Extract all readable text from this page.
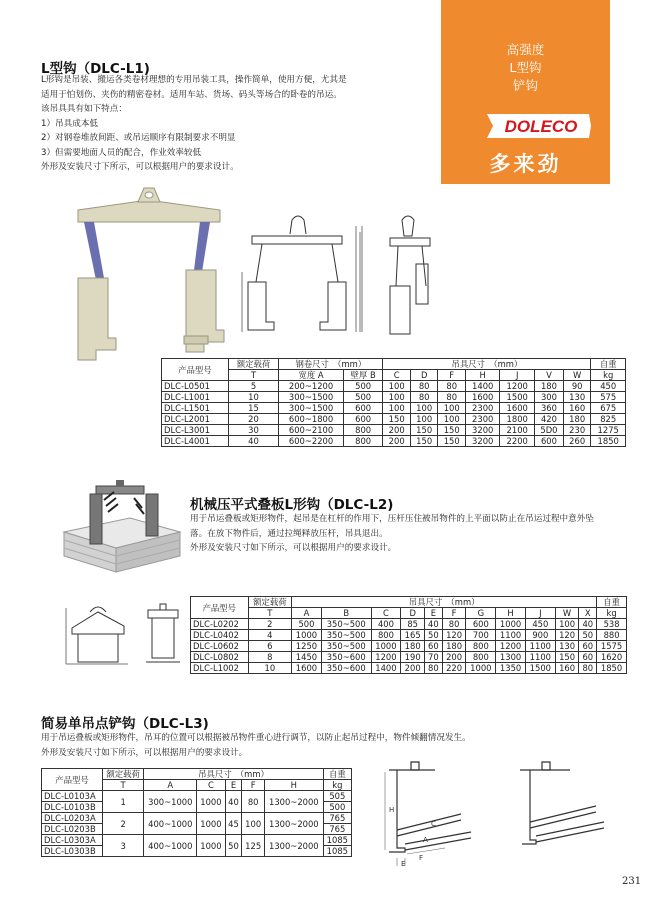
高强度
L型钩
铲钩
DOLECO
多来劲
L型钩（DLC-L1)
L形钩是吊装、搬运各类卷材理想的专用吊装工具，操作简单，使用方便，尤其是
适用于怕划伤、夹伤的精密卷材。适用车站、货场、码头等场合的卧卷的吊运。
该吊具具有如下特点：
1）吊具成本低
2）对钢卷堆放间距、或吊运顺序有限制要求不明显
3）但需要地面人员的配合，作业效率较低
外形及安装尺寸下所示，可以根据用户的要求设计。
产品型号	额定载荷	钢卷尺寸　（mm）		吊具尺寸　（mm）							自重
	T	宽度 A	壁厚 B	C	D	F	H	J	V	W	kg
DLC-L0501	5	200~1200	500	100	80	80	1400	1200	180	90	450
DLC-L1001	10	300~1500	500	100	80	80	1600	1500	300	130	575
DLC-L1501	15	300~1500	600	100	100	100	2300	1600	360	160	675
DLC-L2001	20	600~1800	600	150	100	100	2300	1800	420	180	825
DLC-L3001	30	600~2100	800	200	150	150	3200	2100	5D0	230	1275
DLC-L4001	40	600~2200	800	200	150	150	3200	2200	600	260	1850
机械压平式叠板L形钩（DLC-L2)
用于吊运叠板或矩形物件，起吊是在杠杆的作用下，压杆压住被吊物件的上平面以防止在吊运过程中意外坠
落。在放下物件后，通过拉绳释放压杆，吊具退出。
外形及安装尺寸如下所示，可以根据用户的要求设计。
产品型号	额定载荷	吊具尺寸　（mm）											自重
	T	A	B	C	D	E	F	G	H	J	W	X	kg
DLC-L0202	2	500	350~500	400	85	40	80	600	1000	450	100	40	538
DLC-L0402	4	1000	350~500	800	165	50	120	700	1100	900	120	50	880
DLC-L0602	6	1250	350~500	1000	180	60	180	800	1200	1100	130	60	1575
DLC-L0802	8	1450	350~600	1200	190	70	200	800	1300	1100	150	60	1620
DLC-L1002	10	1600	350~600	1400	200	80	220	1000	1350	1500	160	80	1850
简易单吊点铲钩（DLC-L3)
用于吊运叠板或矩形物件，吊耳的位置可以根据被吊物件重心进行调节，以防止起吊过程中，物件倾翻情况发生。
外形及安装尺寸如下所示，可以根据用户的要求设计。
产品型号	额定载荷	吊具尺寸　（mm）					自重
	T	A	C	E	F	H	kg
DLC-L0103A	1	300~1000	1000	40	80	1300~2000	505
DLC-L0103B							500
DLC-L0203A	2	400~1000	1000	45	100	1300~2000	765
DLC-L0203B							765
DLC-L0303A	3	400~1000	1000	50	125	1300~2000	1085
DLC-L0303B							1085
H
C
A
E
F
231
